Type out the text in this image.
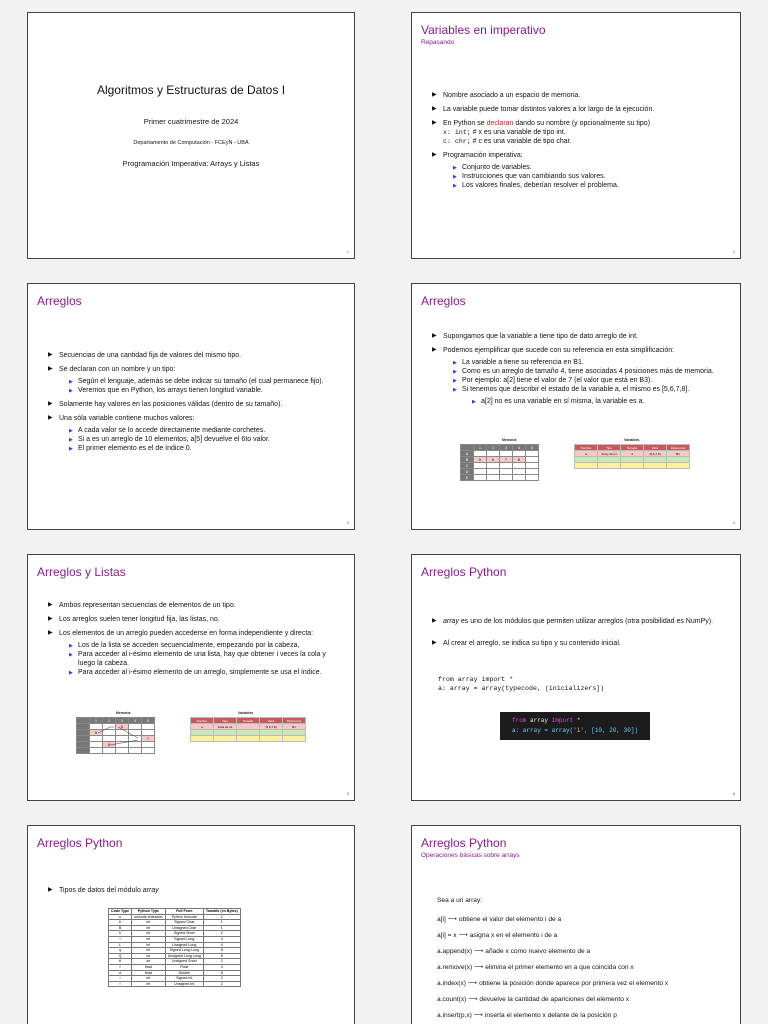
Algoritmos y Estructuras de Datos I
Primer cuatrimestre de 2024
Departamento de Computación - FCEyN - UBA
Programación Imperativa: Arrays y Listas
1
Variables en imperativo
Repasando
▶ Nombre asociado a un espacio de memoria.
▶ La variable puede tomar distintos valores a lor largo de la ejecución.
▶ En Python se declaran dando su nombre (y opcionalmente su tipo)
x: int; # x es una variable de tipo int.
c: chr; # c es una variable de tipo char.
▶ Programación imperativa:
▶ Conjunto de variables.
▶ Instrucciones que van cambiando sus valores.
▶ Los valores finales, deberían resolver el problema.
2
Arreglos
▶ Secuencias de una cantidad fija de valores del mismo tipo.
▶ Se declaran con un nombre y un tipo:
▶ Según el lenguaje, además se debe indicar su tamaño (el cual permanece fijo).
▶ Veremos que en Python, los arrays tienen longitud variable.
▶ Solamente hay valores en las posiciones válidas (dentro de su tamaño).
▶ Una sóla variable contiene muchos valores:
▶ A cada valor se lo accede directamente mediante corchetes.
▶ Si a es un arreglo de 10 elementos, a[5] devuelve el 6to valor.
▶ El primer elemento es el de índice 0.
3
Arreglos
▶ Supongamos que la variable a tiene tipo de dato arreglo de int.
▶ Podemos ejemplificar que sucede con su referencia en esta simplificación:
▶ La variable a tiene su referencia en B1.
▶ Como es un arreglo de tamaño 4, tiene asociadas 4 posiciones más de memoria.
▶ Por ejemplo: a[2] tiene el valor de 7 (el valor que está en B3).
▶ Si tenemos que describir el estado de la variable a, el mismo es [5,6,7,8].
▶ a[2] no es una variable en sí misma, la variable es a.
Memoria
	1	2	3	4	5
A					
B	5	6	7	8	
C					
D					
E					
Variables
Nombre	Tipo	Tamaño	Valor	Referencia
a	Array de int	4	[5,6,7,8]	B1

4
Arreglos y Listas
▶ Ambos representan secuencias de elementos de un tipo.
▶ Los arreglos suelen tener longitud fija, las listas, no.
▶ Los elementos de un arreglo pueden accederse en forma independiente y directa:
▶ Los de la lista se acceden secuencialmente, empezando por la cabeza,
▶ Para acceder al i-ésimo elemento de una lista, hay que obtener i veces la cola y luego la cabeza.
▶ Para acceder al i-ésimo elemento de un arreglo, simplemente se usa el índice.
Memoria
	1	2	3	4	5
			6		
	5				
					7
		8			

Variables
Nombre	Tipo	Tamaño	Valor	Referencia
a	Lista de int		[5,6,7,8]	B1

5
Arreglos Python
▶ array es uno de los módulos que permiten utilizar arreglos (otra posibilidad es NumPy).
▶ Al crear el arreglo, se indica su tipo y su contenido inicial.
from array import *
a: array = array(typecode, (inicializers])
from array import *
a: array = array('i', [10, 20, 30])
6
Arreglos Python
▶ Tipos de datos del módulo array
Code Type	Python Type	Full Form	Tamaño (en Bytes)
u	unicode character	Python Unicode	2
b	int	Signed Char	1
B	int	Unsigned Char	1
h	int	Signed Short	2
l	int	Signed Long	4
L	int	Unsigned Long	4
q	int	Signed Long Long	8
Q	int	Unsigned Long Long	8
H	int	Unsigned Short	2
f	float	Float	4
d	float	Double	8
i	int	Signed Int	2
I	int	Unsigned Int	2
Arreglos Python
Operaciones básicas sobre arrays
Sea a un array:
a[i] ⟶ obtiene el valor del elemento i de a
a[i] = x ⟶ asigna x en el elemento i de a
a.append(x) ⟶ añade x como nuevo elemento de a
a.remove(x) ⟶ elimina el primer elemento en a que coincida con x
a.index(x) ⟶ obtiene la posición donde aparece por primera vez el elemento x
a.count(x) ⟶ devuelve la cantidad de apariciones del elemento x
a.insert(p,x) ⟶ inserta el elemento x delante de la posición p
